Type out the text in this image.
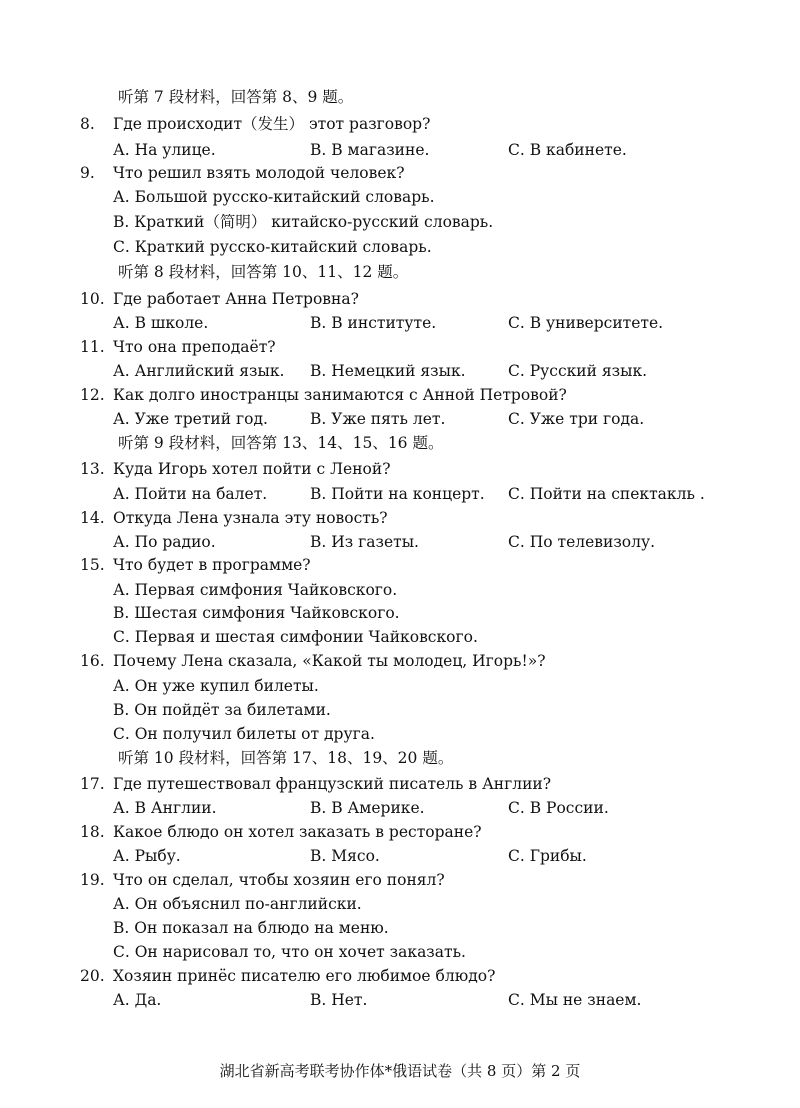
听第 7 段材料，回答第 8、9 题。
8. Где происходит（发生） этот разговор?
А. На улице.	В. В магазине.	С. В кабинете.
9. Что решил взять молодой человек?
А. Большой русско-китайский словарь.
В. Краткий（简明） китайско-русский словарь.
С. Краткий русско-китайский словарь.
听第 8 段材料，回答第 10、11、12 题。
10. Где работает Анна Петровна?
А. В школе.	В. В институте.	С. В университете.
11. Что она преподаёт?
А. Английский язык. В. Немецкий язык.	С. Русский язык.
12. Как долго иностранцы занимаются с Анной Петровой?
А. Уже третий год.	В. Уже пять лет.	С. Уже три года.
听第 9 段材料，回答第 13、14、15、16 题。
13. Куда Игорь хотел пойти с Леной?
А. Пойти на балет.	В. Пойти на концерт. С. Пойти на спектакль .
14. Откуда Лена узнала эту новость?
А. По радио.	В. Из газеты.	С. По телевизолу.
15. Что будет в программе?
А. Первая симфония Чайковского.
В. Шестая симфония Чайковского.
С. Первая и шестая симфонии Чайковского.
16. Почему Лена сказала, «Какой ты молодец, Игорь!»?
А. Он уже купил билеты.
В. Он пойдёт за билетами.
С. Он получил билеты от друга.
听第 10 段材料，回答第 17、18、19、20 题。
17. Где путешествовал французский писатель в Англии?
А. В Англии.	В. В Америке.	С. В России.
18. Какое блюдо он хотел заказать в ресторане?
А. Рыбу.	В. Мясо.	С. Грибы.
19. Что он сделал, чтобы хозяин его понял?
А. Он объяснил по-английски.
В. Он показал на блюдо на меню.
С. Он нарисовал то, что он хочет заказать.
20. Хозяин принёс писателю его любимое блюдо?
А. Да.	В. Нет.	С. Мы не знаем.
湖北省新高考联考协作体*俄语试卷（共 8 页）第 2 页
